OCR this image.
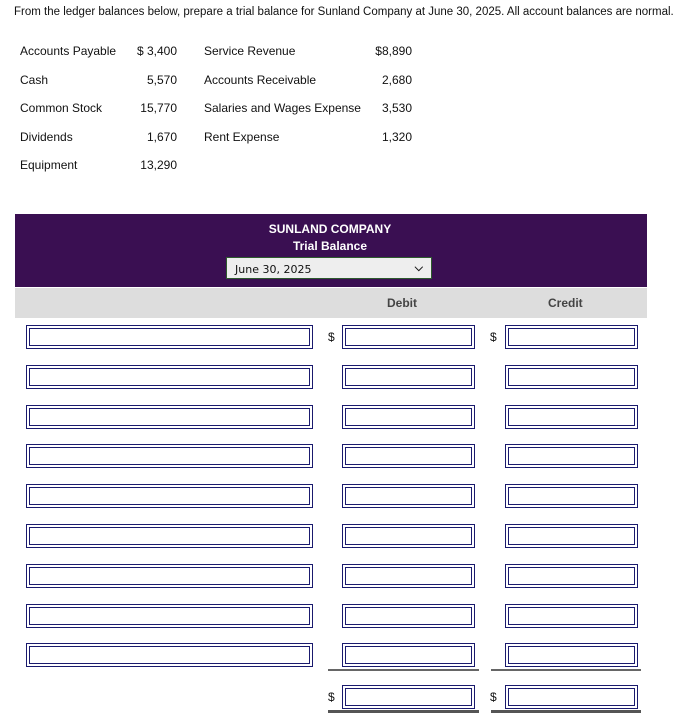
From the ledger balances below, prepare a trial balance for Sunland Company at June 30, 2025. All account balances are normal.
Accounts Payable	$ 3,400
Cash	5,570
Common Stock	15,770
Dividends	1,670
Equipment	13,290
Service Revenue	$8,890
Accounts Receivable	2,680
Salaries and Wages Expense	3,530
Rent Expense	1,320
SUNLAND COMPANY
Trial Balance
June 30, 2025	⌵
Debit	Credit
$	$
$	$
